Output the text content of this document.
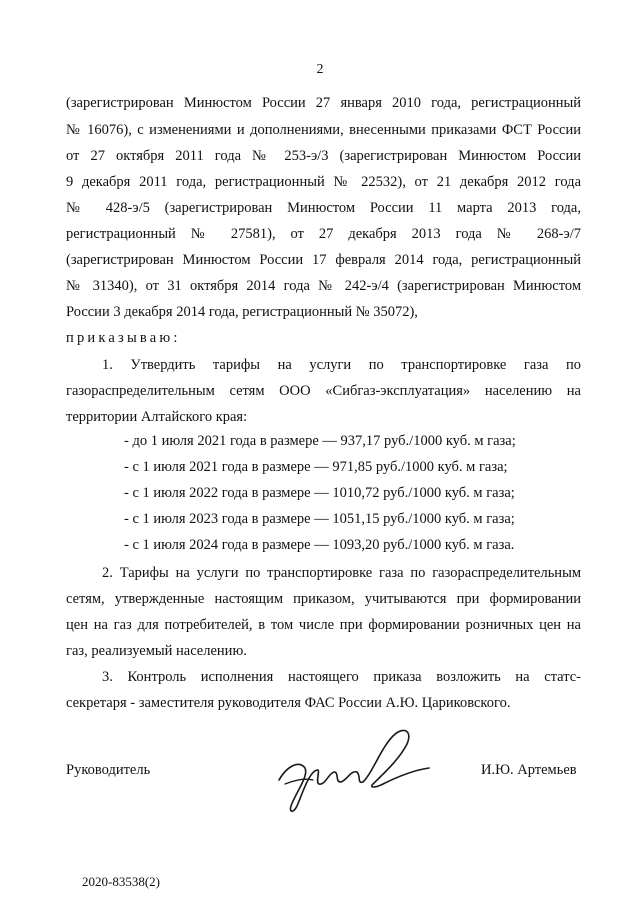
2
(зарегистрирован Минюстом России 27 января 2010 года, регистрационный
№ 16076), с изменениями и дополнениями, внесенными приказами ФСТ России
от 27 октября 2011 года № 253-э/3 (зарегистрирован Минюстом России
9 декабря 2011 года, регистрационный № 22532), от 21 декабря 2012 года
№ 428-э/5 (зарегистрирован Минюстом России 11 марта 2013 года,
регистрационный № 27581), от 27 декабря 2013 года № 268-э/7
(зарегистрирован Минюстом России 17 февраля 2014 года, регистрационный
№ 31340), от 31 октября 2014 года № 242-э/4 (зарегистрирован Минюстом
России 3 декабря 2014 года, регистрационный № 35072),
приказываю:
1. Утвердить тарифы на услуги по транспортировке газа по
газораспределительным сетям ООО «Сибгаз-эксплуатация» населению на
территории Алтайского края:
- до 1 июля 2021 года в размере — 937,17 руб./1000 куб. м газа;
- с 1 июля 2021 года в размере — 971,85 руб./1000 куб. м газа;
- с 1 июля 2022 года в размере — 1010,72 руб./1000 куб. м газа;
- с 1 июля 2023 года в размере — 1051,15 руб./1000 куб. м газа;
- с 1 июля 2024 года в размере — 1093,20 руб./1000 куб. м газа.
2. Тарифы на услуги по транспортировке газа по газораспределительным
сетям, утвержденные настоящим приказом, учитываются при формировании
цен на газ для потребителей, в том числе при формировании розничных цен на
газ, реализуемый населению.
3. Контроль исполнения настоящего приказа возложить на статс-
секретаря - заместителя руководителя ФАС России А.Ю. Цариковского.
Руководитель	И.Ю. Артемьев
2020-83538(2)
